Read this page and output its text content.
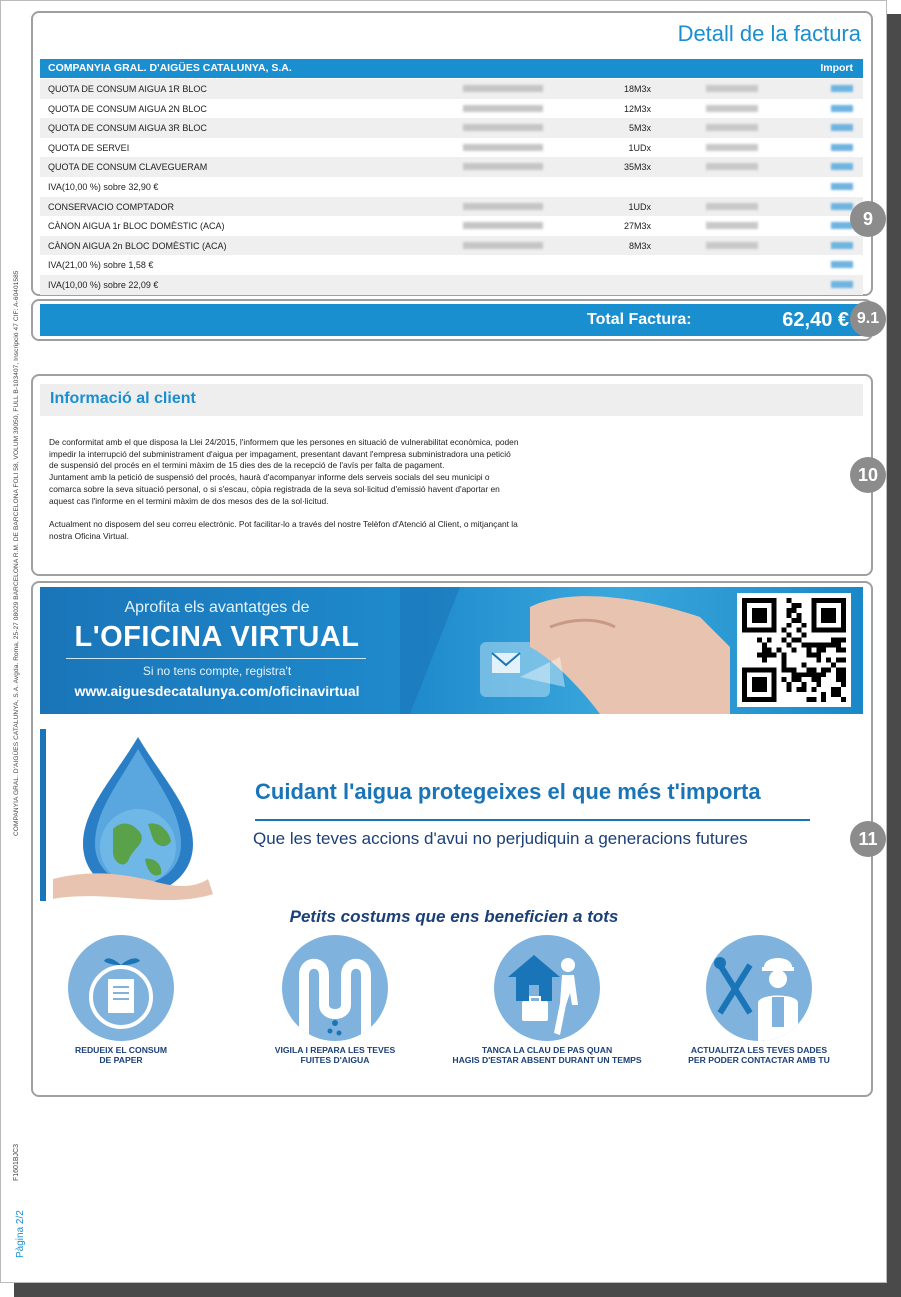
COMPANYIA GRAL. D'AIGÜES CATALUNYA, S.A. Avgda. Roma, 25-27 08029 BARCELONA R.M. DE BARCELONA FOLI 58, VOLUM 39050, FULL B-103407, Inscripció 47 CIF: A-60401585
F1601BJC3
Pàgina 2/2
Detall de la factura
COMPANYIA GRAL. D'AIGÜES CATALUNYA, S.A.	Import
QUOTA DE CONSUM AIGUA 1R BLOC	18M3x
QUOTA DE CONSUM AIGUA 2N BLOC	12M3x
QUOTA DE CONSUM AIGUA 3R BLOC	5M3x
QUOTA DE SERVEI	1UDx
QUOTA DE CONSUM CLAVEGUERAM	35M3x
IVA(10,00 %) sobre 32,90 €
CONSERVACIO COMPTADOR	1UDx
CÀNON AIGUA 1r BLOC DOMÈSTIC (ACA)	27M3x
CÀNON AIGUA 2n BLOC DOMÈSTIC (ACA)	8M3x
IVA(21,00 %) sobre 1,58 €
IVA(10,00 %) sobre 22,09 €
9
Total Factura:	62,40 € 9.1
Informació al client

De conformitat amb el que disposa la Llei 24/2015, l'informem que les persones en situació de vulnerabilitat econòmica, poden impedir la interrupció del subministrament d'aigua per impagament, presentant davant l'empresa subministradora una petició de suspensió del procés en el termini màxim de 15 dies des de la recepció de l'avís per falta de pagament.

Juntament amb la petició de suspensió del procés, haurà d'acompanyar informe dels serveis socials del seu municipi o comarca sobre la seva situació personal, o si s'escau, còpia registrada de la seva sol·licitud d'emissió havent d'aportar en aquest cas l'informe en el termini màxim de dos mesos des de la sol·licitud.

Actualment no disposem del seu correu electrònic. Pot facilitar-lo a través del nostre Telèfon d'Atenció al Client, o mitjançant la nostra Oficina Virtual.

10
Aprofita els avantatges de
L'OFICINA VIRTUAL
Si no tens compte, registra't
www.aiguesdecatalunya.com/oficinavirtual
Cuidant l'aigua protegeixes el que més t'importa
Que les teves accions d'avui no perjudiquin a generacions futures
Petits costums que ens beneficien a tots
REDUEIX EL CONSUM
DE PAPER
VIGILA I REPARA LES TEVES
FUITES D'AIGUA
TANCA LA CLAU DE PAS QUAN
HAGIS D'ESTAR ABSENT DURANT UN TEMPS
ACTUALITZA LES TEVES DADES
PER PODER CONTACTAR AMB TU
11
